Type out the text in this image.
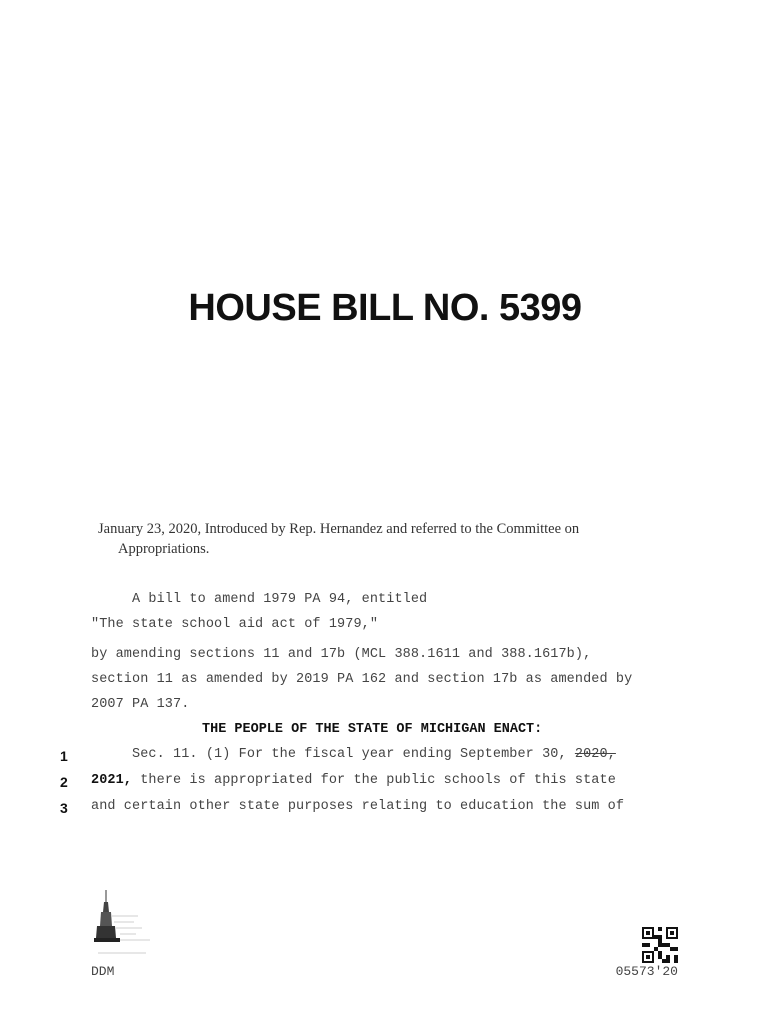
HOUSE BILL NO. 5399
January 23, 2020, Introduced by Rep. Hernandez and referred to the Committee on
Appropriations.
A bill to amend 1979 PA 94, entitled
"The state school aid act of 1979,"
by amending sections 11 and 17b (MCL 388.1611 and 388.1617b),
section 11 as amended by 2019 PA 162 and section 17b as amended by
2007 PA 137.
THE PEOPLE OF THE STATE OF MICHIGAN ENACT:
1	Sec. 11. (1) For the fiscal year ending September 30, 2020,
2	2021, there is appropriated for the public schools of this state
3	and certain other state purposes relating to education the sum of
DDM	05573'20
